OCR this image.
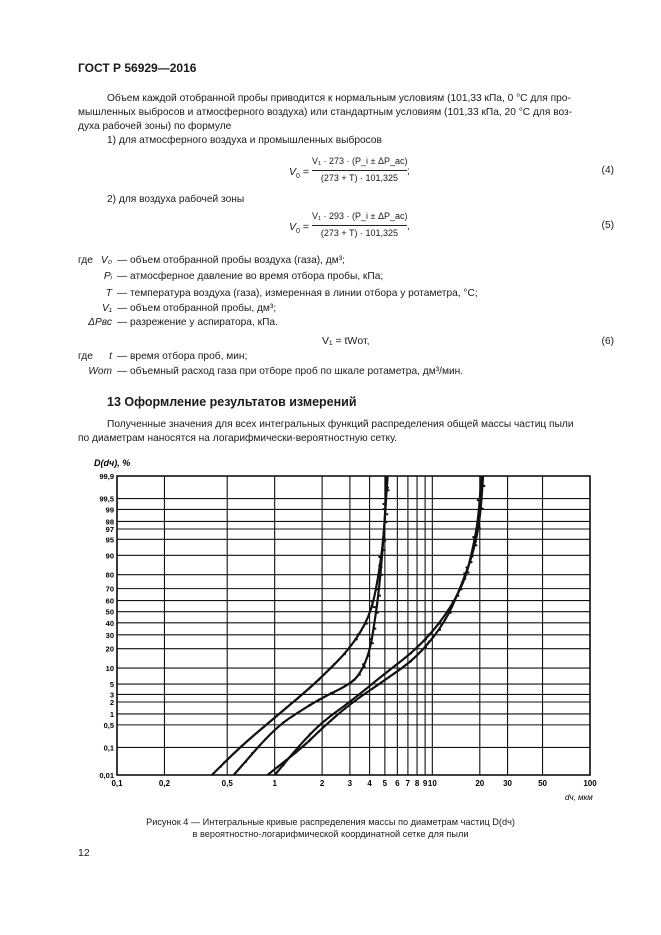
ГОСТ Р 56929—2016
Объем каждой отобранной пробы приводится к нормальным условиям (101,33 кПа, 0 °С для про-
мышленных выбросов и атмосферного воздуха) или стандартным условиям (101,33 кПа, 20 °С для воз-
духа рабочей зоны) по формуле
1) для атмосферного воздуха и промышленных выбросов
$V_0$ =
V₁ · 273 · (P_i ± ΔP_ас)
(273 + T) · 101,325
;	(4)
2) для воздуха рабочей зоны
$V_0$ =
V₁ · 293 · (P_i ± ΔP_ас)
(273 + T) · 101,325
,	(5)
где V₀ — объем отобранной пробы воздуха (газа), дм³;
Pᵢ — атмосферное давление во время отбора пробы, кПа;
T — температура воздуха (газа), измеренная в линии отбора у ротаметра, °С;
V₁ — объем отобранной пробы, дм³;
ΔPвс — разрежение у аспиратора, кПа.
V₁ = tWот,	(6)
где	t — время отбора проб, мин;
Wот — объемный расход газа при отборе проб по шкале ротаметра, дм³/мин.
13 Оформление результатов измерений
Полученные значения для всех интегральных функций распределения общей массы частиц пыли
по диаметрам наносятся на логарифмически-вероятностную сетку.
0,1	0,2	0,5	1	2	3 4 5 6 7 8 9 10	20 30	50	100
0,01
0,1
0,5
1
2
3
5
10
20
30
40
50
60
70
80
90
95
97
98
99
99,5
99,9
D(dч), %
dч, мкм
Рисунок 4 — Интегральные кривые распределения массы по диаметрам частиц D(dч)
в вероятностно-логарифмической координатной сетке для пыли
12
